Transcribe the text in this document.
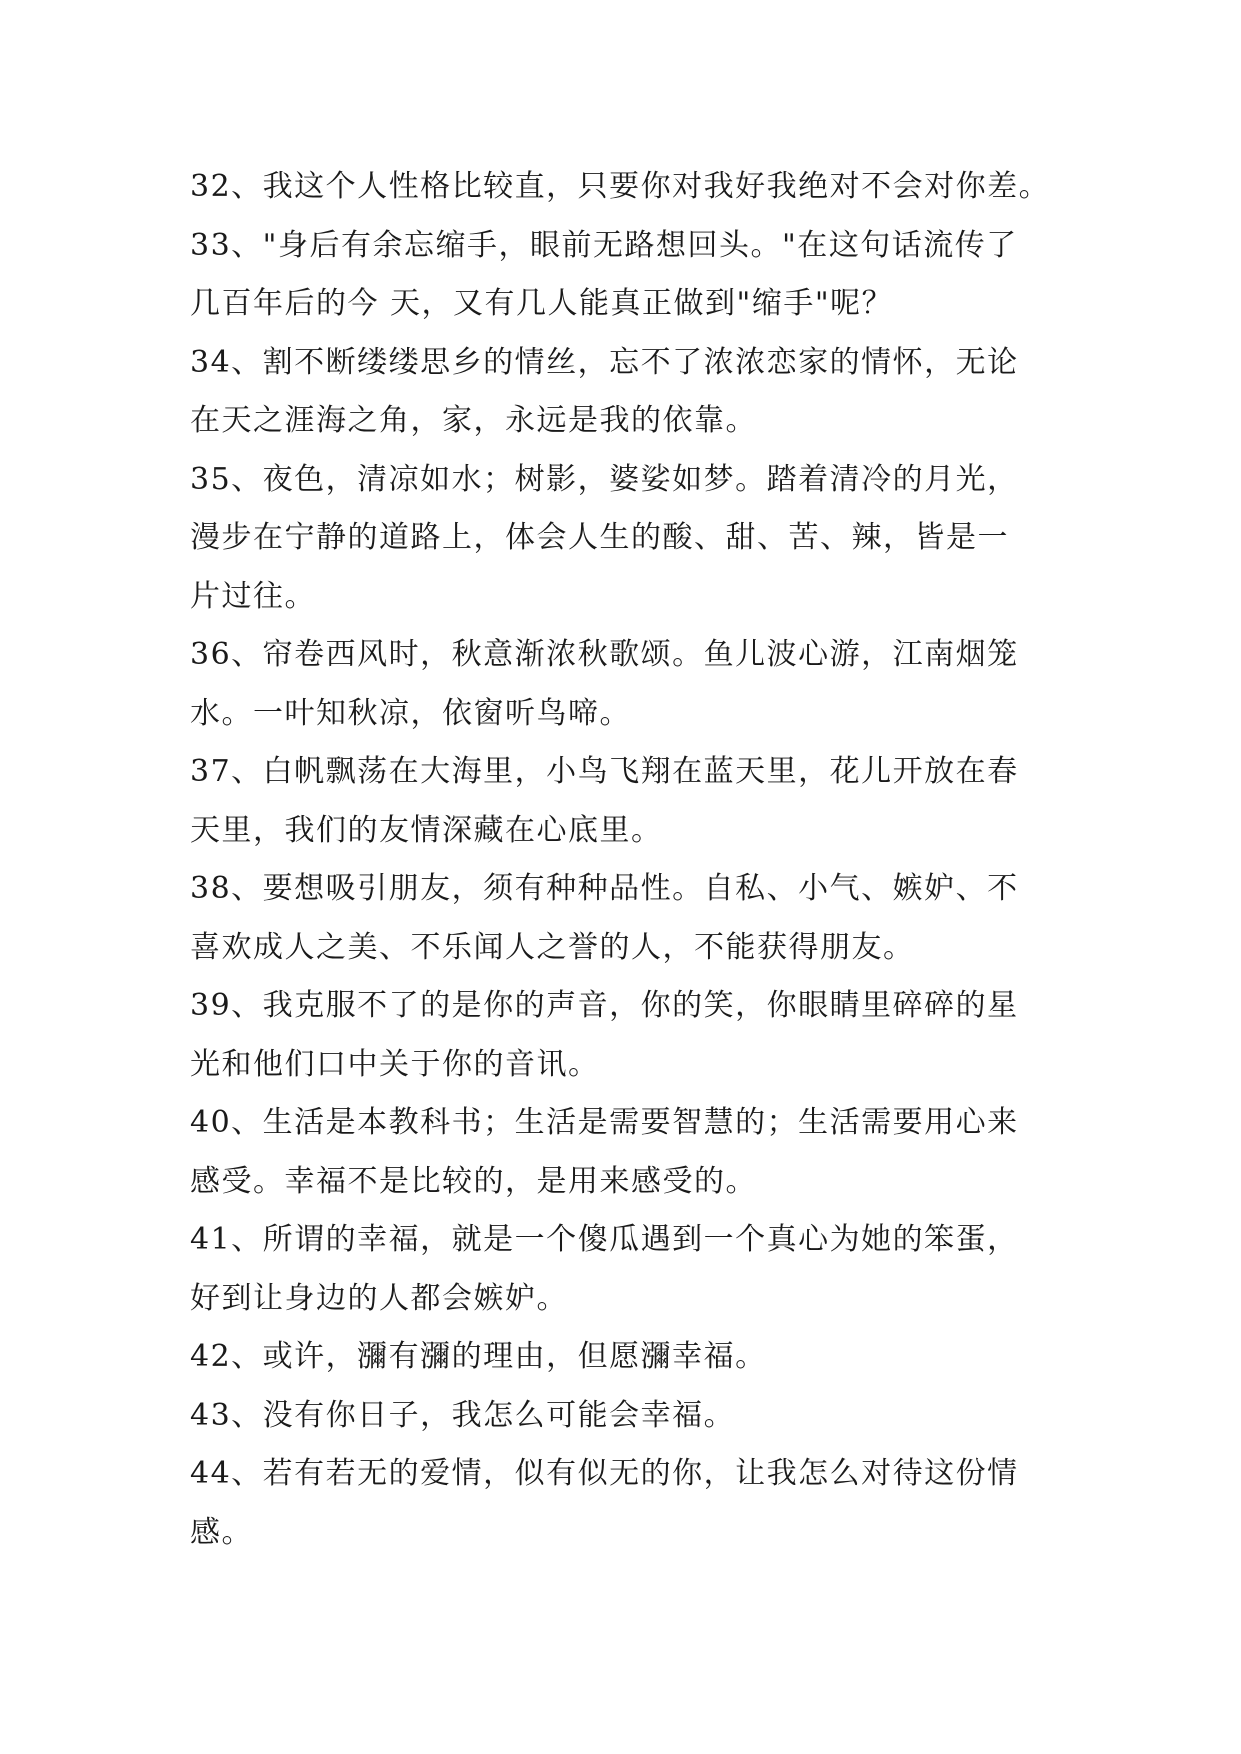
32、我这个人性格比较直，只要你对我好我绝对不会对你差。
33、"身后有余忘缩手，眼前无路想回头。"在这句话流传了
几百年后的今 天，又有几人能真正做到"缩手"呢？
34、割不断缕缕思乡的情丝，忘不了浓浓恋家的情怀，无论
在天之涯海之角，家，永远是我的依靠。
35、夜色，清凉如水；树影，婆娑如梦。踏着清冷的月光，
漫步在宁静的道路上，体会人生的酸、甜、苦、辣，皆是一
片过往。
36、帘卷西风时，秋意渐浓秋歌颂。鱼儿波心游，江南烟笼
水。一叶知秋凉，依窗听鸟啼。
37、白帆飘荡在大海里，小鸟飞翔在蓝天里，花儿开放在春
天里，我们的友情深藏在心底里。
38、要想吸引朋友，须有种种品性。自私、小气、嫉妒、不
喜欢成人之美、不乐闻人之誉的人，不能获得朋友。
39、我克服不了的是你的声音，你的笑，你眼睛里碎碎的星
光和他们口中关于你的音讯。
40、生活是本教科书；生活是需要智慧的；生活需要用心来
感受。幸福不是比较的，是用来感受的。
41、所谓的幸福，就是一个傻瓜遇到一个真心为她的笨蛋，
好到让身边的人都会嫉妒。
42、或许，瀰有瀰的理由，但愿瀰幸福。
43、没有你日子，我怎么可能会幸福。
44、若有若无的爱情，似有似无的你，让我怎么对待这份情
感。
